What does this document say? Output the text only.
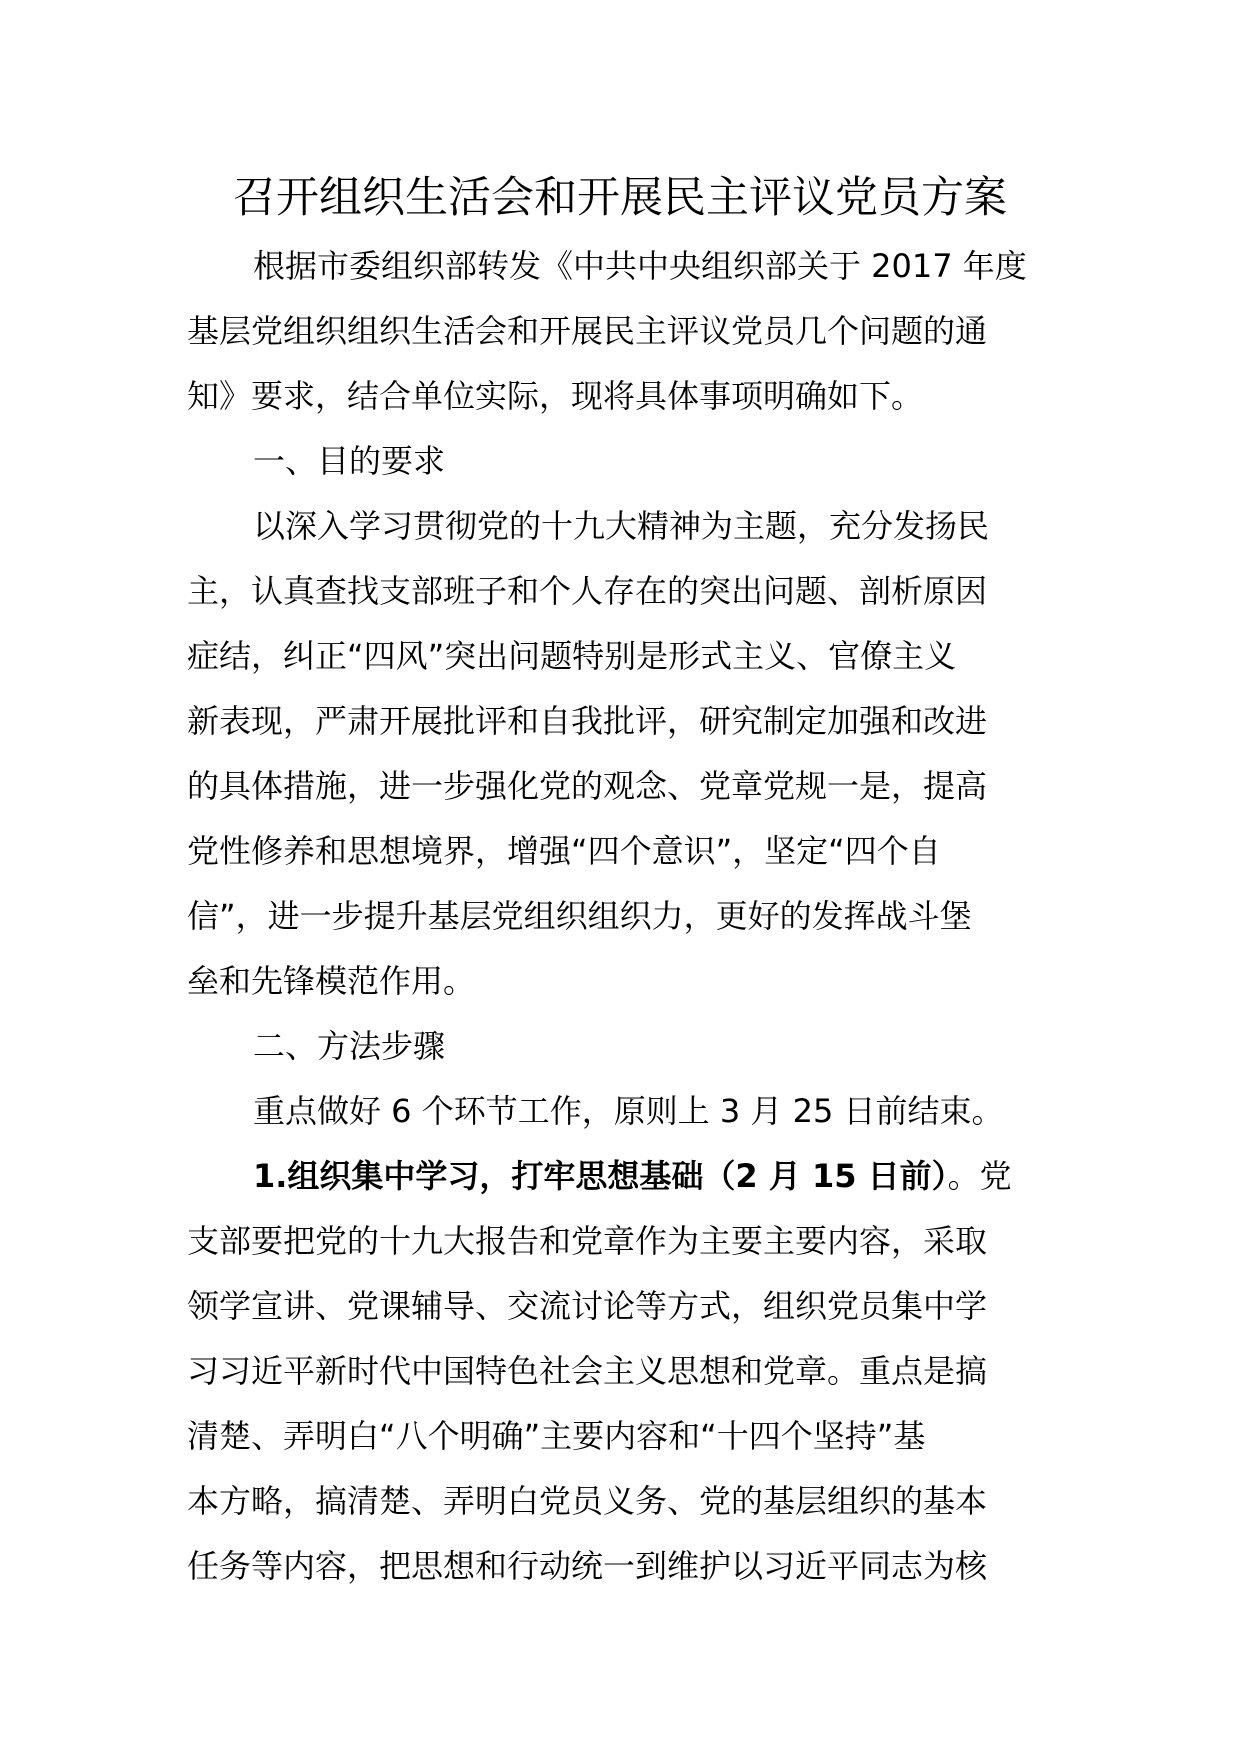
召开组织生活会和开展民主评议党员方案
根据市委组织部转发《中共中央组织部关于 2017 年度
基层党组织组织生活会和开展民主评议党员几个问题的通
知》要求，结合单位实际，现将具体事项明确如下。
一、目的要求
以深入学习贯彻党的十九大精神为主题，充分发扬民
主，认真查找支部班子和个人存在的突出问题、剖析原因
症结，纠正“四风”突出问题特别是形式主义、官僚主义
新表现，严肃开展批评和自我批评，研究制定加强和改进
的具体措施，进一步强化党的观念、党章党规一是，提高
党性修养和思想境界，增强“四个意识”，坚定“四个自
信”，进一步提升基层党组织组织力，更好的发挥战斗堡
垒和先锋模范作用。
二、方法步骤
重点做好 6 个环节工作，原则上 3 月 25 日前结束。
1.组织集中学习，打牢思想基础（2 月 15 日前）。党
支部要把党的十九大报告和党章作为主要主要内容，采取
领学宣讲、党课辅导、交流讨论等方式，组织党员集中学
习习近平新时代中国特色社会主义思想和党章。重点是搞
清楚、弄明白“八个明确”主要内容和“十四个坚持”基
本方略，搞清楚、弄明白党员义务、党的基层组织的基本
任务等内容，把思想和行动统一到维护以习近平同志为核
